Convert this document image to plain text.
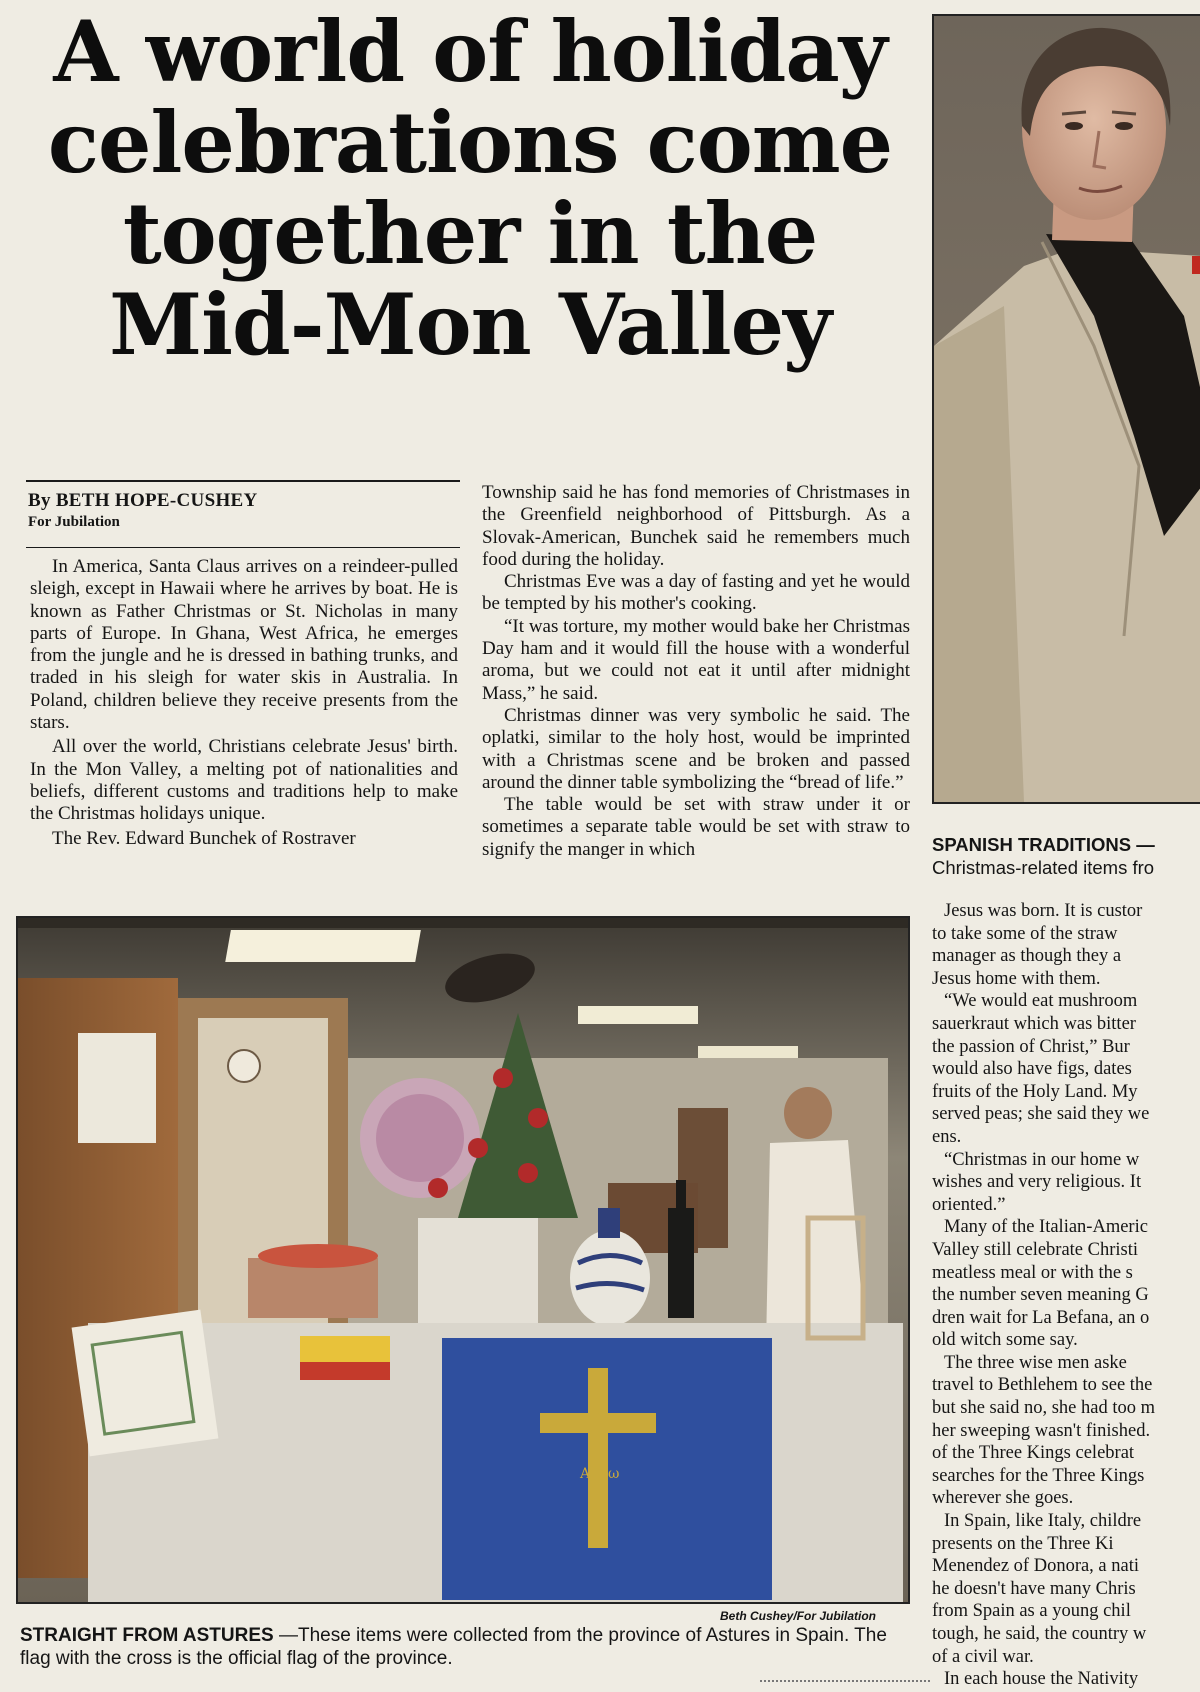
A world of holiday celebrations come together in the Mid-Mon Valley
By BETH HOPE-CUSHEY
For Jubilation

In America, Santa Claus arrives on a reindeer-pulled sleigh, except in Hawaii where he arrives by boat. He is known as Father Christmas or St. Nicholas in many parts of Europe. In Ghana, West Africa, he emerges from the jungle and he is dressed in bathing trunks, and traded in his sleigh for water skis in Australia. In Poland, children believe they receive presents from the stars.

All over the world, Christians celebrate Jesus' birth. In the Mon Valley, a melting pot of nationalities and beliefs, different customs and traditions help to make the Christmas holidays unique.

The Rev. Edward Bunchek of Rostraver

Township said he has fond memories of Christmases in the Greenfield neighborhood of Pittsburgh. As a Slovak-American, Bunchek said he remembers much food during the holiday.

Christmas Eve was a day of fasting and yet he would be tempted by his mother's cooking.

“It was torture, my mother would bake her Christmas Day ham and it would fill the house with a wonderful aroma, but we could not eat it until after midnight Mass,” he said.

Christmas dinner was very symbolic he said. The oplatki, similar to the holy host, would be imprinted with a Christmas scene and be broken and passed around the dinner table symbolizing the “bread of life.”

The table would be set with straw under it or sometimes a separate table would be set with straw to signify the manger in which	SPANISH TRADITIONS —
Christmas-related items fro

Jesus was born. It is custor

to take some of the straw

manager as though they a

Jesus home with them.

“We would eat mushroom

sauerkraut which was bitter

the passion of Christ,” Bur

would also have figs, dates

fruits of the Holy Land. My

served peas; she said they we

ens.

“Christmas in our home w

wishes and very religious. It

oriented.”

Many of the Italian-Americ

Valley still celebrate Christi

meatless meal or with the s

the number seven meaning G

dren wait for La Befana, an o

old witch some say.

The three wise men aske

travel to Bethlehem to see the

but she said no, she had too m

her sweeping wasn't finished.

of the Three Kings celebrat

searches for the Three Kings

wherever she goes.

In Spain, like Italy, childre

presents on the Three Ki

Menendez of Donora, a nati

he doesn't have many Chris

from Spain as a young chil

tough, he said, the country w

of a civil war.

In each house the Nativity

A ω
Beth Cushey/For Jubilation
STRAIGHT FROM ASTURES —These items were collected from the province of Astures in Spain. The flag with the cross is the official flag of the province.
